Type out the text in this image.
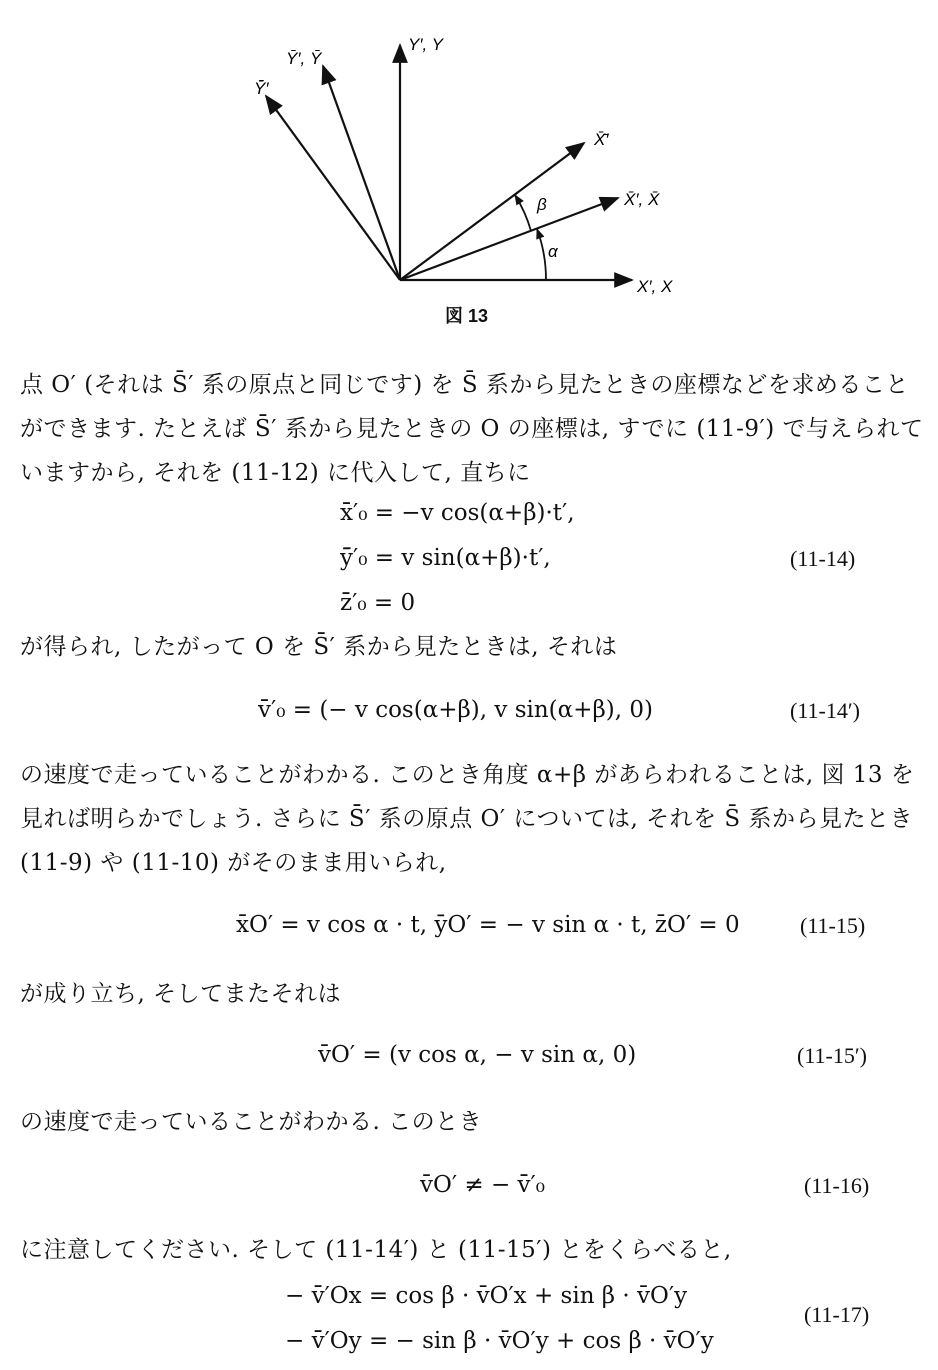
Ȳ̄′
Ȳ′, Ȳ
Y′, Y
X̄̄′
X̄′, X̄
X′, X
β
α
図 13
点 O′ (それは S̄′ 系の原点と同じです) を S̄ 系から見たときの座標などを求めることができます. たとえば S̄̄′ 系から見たときの O の座標は, すでに (11-9′) で与えられていますから, それを (11-12) に代入して, 直ちに
x̄̄′₀ = −v cos(α+β)·t′,
ȳ̄′₀ = v sin(α+β)·t′,
z̄̄′₀ = 0
(11-14)
が得られ, したがって O を S̄̄′ 系から見たときは, それは
v̄̄′₀ = (− v cos(α+β), v sin(α+β), 0)	(11-14′)
の速度で走っていることがわかる. このとき角度 α+β があらわれることは, 図 13 を見れば明らかでしょう. さらに S̄̄′ 系の原点 O′ については, それを S̄ 系から見たとき (11-9) や (11-10) がそのまま用いられ,
x̄O′ = v cos α · t, ȳO′ = − v sin α · t, z̄O′ = 0	(11-15)
が成り立ち, そしてまたそれは
v̄O′ = (v cos α, − v sin α, 0)	(11-15′)
の速度で走っていることがわかる. このとき
v̄O′ ≠ − v̄̄′₀	(11-16)
に注意してください. そして (11-14′) と (11-15′) とをくらべると,
− v̄̄′Ox = cos β · v̄O′x + sin β · v̄O′y
− v̄̄′Oy = − sin β · v̄O′y + cos β · v̄O′y
(11-17)
